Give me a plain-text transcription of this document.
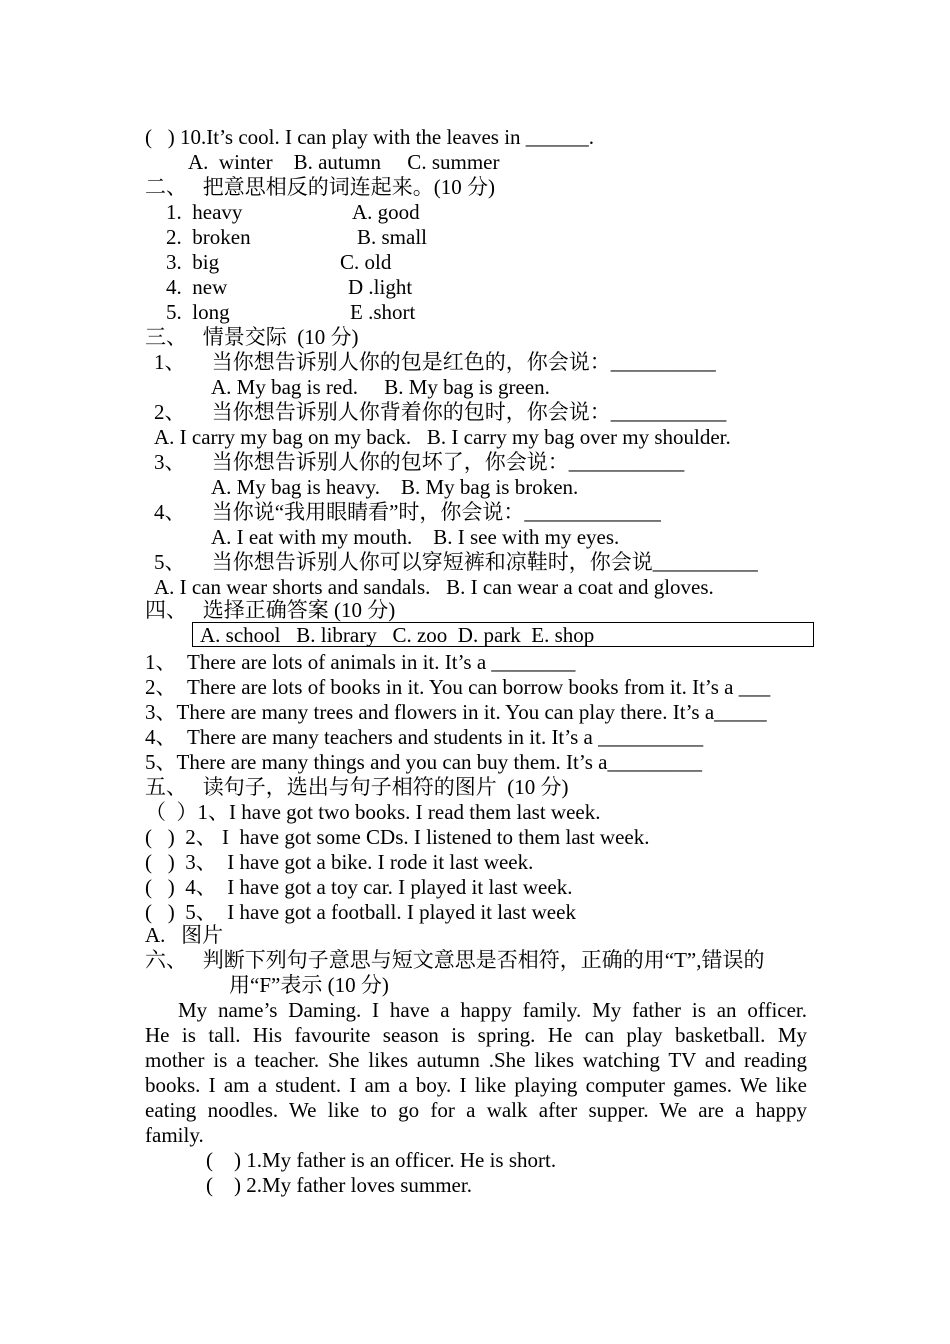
(   ) 10.It’s cool. I can play with the leaves in ______.
A.  winter    B. autumn     C. summer
二、   把意思相反的词连起来。(10 分)
1.  heavy	A. good
2.  broken	B. small
3.  big	C. old
4.  new	D .light
5.  long	E .short
三、   情景交际  (10 分)
1、     当你想告诉别人你的包是红色的，你会说：__________
A. My bag is red.     B. My bag is green.
2、     当你想告诉别人你背着你的包时，你会说：___________
A. I carry my bag on my back.   B. I carry my bag over my shoulder.
3、     当你想告诉别人你的包坏了，你会说：___________
A. My bag is heavy.    B. My bag is broken.
4、     当你说“我用眼睛看”时，你会说：_____________
A. I eat with my mouth.    B. I see with my eyes.
5、     当你想告诉别人你可以穿短裤和凉鞋时，你会说__________
A. I can wear shorts and sandals.   B. I can wear a coat and gloves.
四、   选择正确答案 (10 分)
A. school   B. library   C. zoo  D. park  E. shop
1、  There are lots of animals in it. It’s a ________
2、  There are lots of books in it. You can borrow books from it. It’s a ___
3、There are many trees and flowers in it. You can play there. It’s a_____
4、  There are many teachers and students in it. It’s a __________
5、There are many things and you can buy them. It’s a_________
五、   读句子，选出与句子相符的图片  (10 分)
（  ）1、I have got two books. I read them last week.
(   )  2、 I  have got some CDs. I listened to them last week.
(   )  3、  I have got a bike. I rode it last week.
(   )  4、  I have got a toy car. I played it last week.
(   )  5、  I have got a football. I played it last week
A.   图片
六、   判断下列句子意思与短文意思是否相符，正确的用“T”,错误的
用“F”表示 (10 分)
My name’s Daming. I have a happy family. My father is an officer.
He is tall. His favourite season is spring. He can play basketball. My
mother is a teacher. She likes autumn .She likes watching TV and reading
books. I am a student. I am a boy. I like playing computer games. We like
eating noodles. We like to go for a walk after supper. We are a happy
family.
(    ) 1.My father is an officer. He is short.
(    ) 2.My father loves summer.
